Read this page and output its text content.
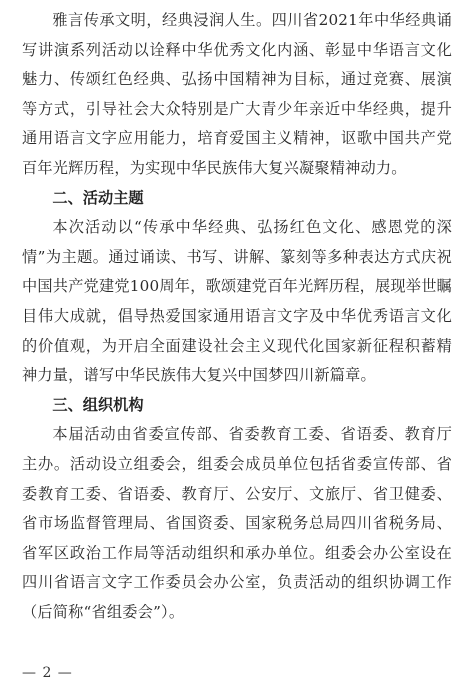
雅言传承文明，经典浸润人生。四川省2021年中华经典诵写讲演系列活动以诠释中华优秀文化内涵、彰显中华语言文化魅力、传颂红色经典、弘扬中国精神为目标，通过竞赛、展演等方式，引导社会大众特别是广大青少年亲近中华经典，提升通用语言文字应用能力，培育爱国主义精神，讴歌中国共产党百年光辉历程，为实现中华民族伟大复兴凝聚精神动力。

二、活动主题

本次活动以“传承中华经典、弘扬红色文化、感恩党的深情”为主题。通过诵读、书写、讲解、篆刻等多种表达方式庆祝中国共产党建党100周年，歌颂建党百年光辉历程，展现举世瞩目伟大成就，倡导热爱国家通用语言文字及中华优秀语言文化的价值观，为开启全面建设社会主义现代化国家新征程积蓄精神力量，谱写中华民族伟大复兴中国梦四川新篇章。

三、组织机构

本届活动由省委宣传部、省委教育工委、省语委、教育厅主办。活动设立组委会，组委会成员单位包括省委宣传部、省委教育工委、省语委、教育厅、公安厅、文旅厅、省卫健委、省市场监督管理局、省国资委、国家税务总局四川省税务局、省军区政治工作局等活动组织和承办单位。组委会办公室设在四川省语言文字工作委员会办公室，负责活动的组织协调工作（后简称“省组委会”）。

— 2 —
